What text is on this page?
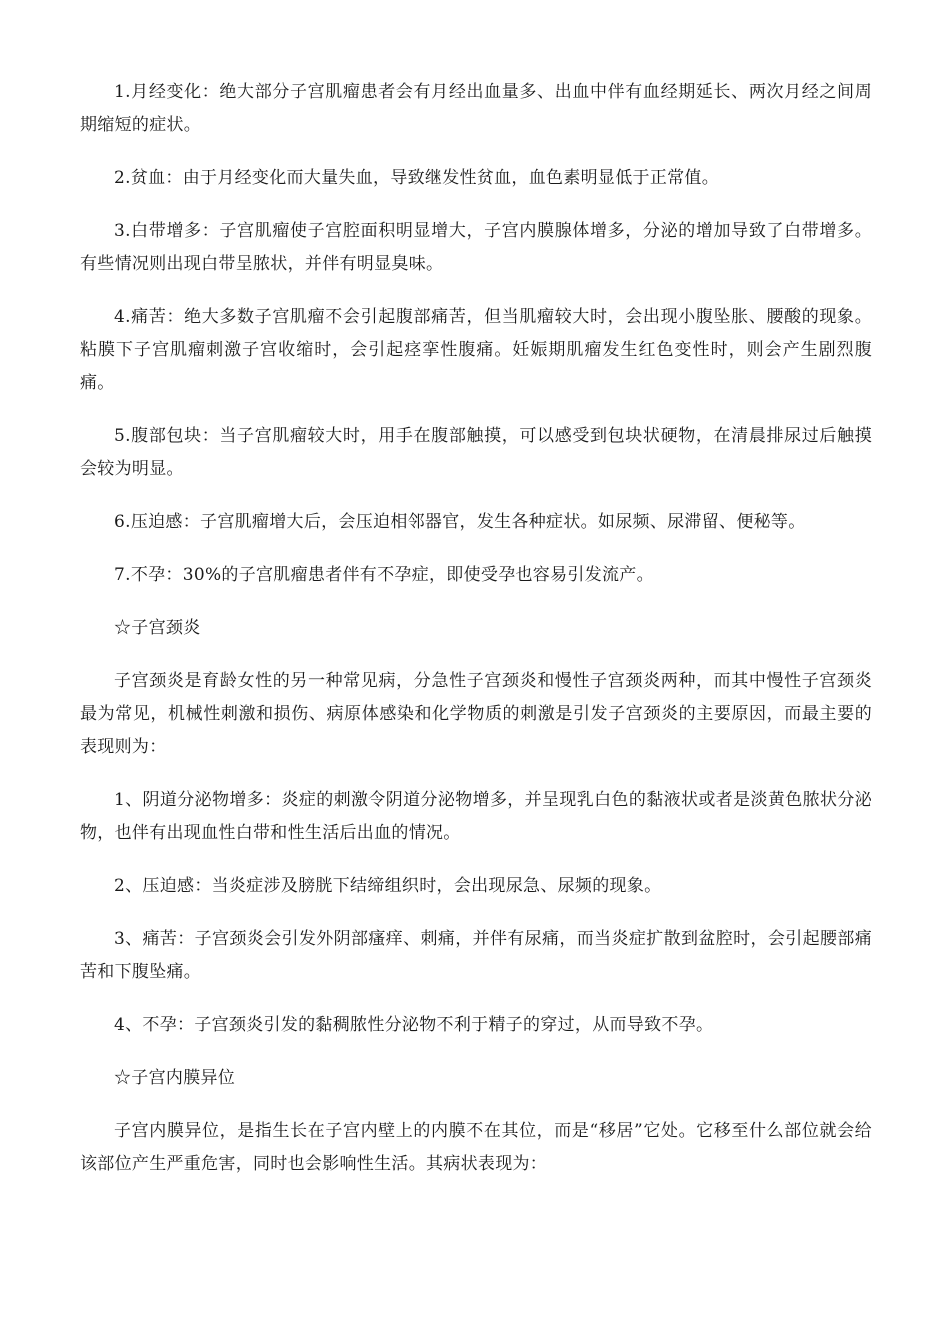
1.月经变化：绝大部分子宫肌瘤患者会有月经出血量多、出血中伴有血经期延长、两次月经之间周期缩短的症状。

2.贫血：由于月经变化而大量失血，导致继发性贫血，血色素明显低于正常值。

3.白带增多：子宫肌瘤使子宫腔面积明显增大，子宫内膜腺体增多，分泌的增加导致了白带增多。有些情况则出现白带呈脓状，并伴有明显臭味。

4.痛苦：绝大多数子宫肌瘤不会引起腹部痛苦，但当肌瘤较大时，会出现小腹坠胀、腰酸的现象。粘膜下子宫肌瘤刺激子宫收缩时，会引起痉挛性腹痛。妊娠期肌瘤发生红色变性时，则会产生剧烈腹痛。

5.腹部包块：当子宫肌瘤较大时，用手在腹部触摸，可以感受到包块状硬物，在清晨排尿过后触摸会较为明显。

6.压迫感：子宫肌瘤增大后，会压迫相邻器官，发生各种症状。如尿频、尿滞留、便秘等。

7.不孕：30%的子宫肌瘤患者伴有不孕症，即使受孕也容易引发流产。

☆子宫颈炎

子宫颈炎是育龄女性的另一种常见病，分急性子宫颈炎和慢性子宫颈炎两种，而其中慢性子宫颈炎最为常见，机械性刺激和损伤、病原体感染和化学物质的刺激是引发子宫颈炎的主要原因，而最主要的表现则为：

1、阴道分泌物增多：炎症的刺激令阴道分泌物增多，并呈现乳白色的黏液状或者是淡黄色脓状分泌物，也伴有出现血性白带和性生活后出血的情况。

2、压迫感：当炎症涉及膀胱下结缔组织时，会出现尿急、尿频的现象。

3、痛苦：子宫颈炎会引发外阴部瘙痒、刺痛，并伴有尿痛，而当炎症扩散到盆腔时，会引起腰部痛苦和下腹坠痛。

4、不孕：子宫颈炎引发的黏稠脓性分泌物不利于精子的穿过，从而导致不孕。

☆子宫内膜异位

子宫内膜异位，是指生长在子宫内壁上的内膜不在其位，而是“移居”它处。它移至什么部位就会给该部位产生严重危害，同时也会影响性生活。其病状表现为：
